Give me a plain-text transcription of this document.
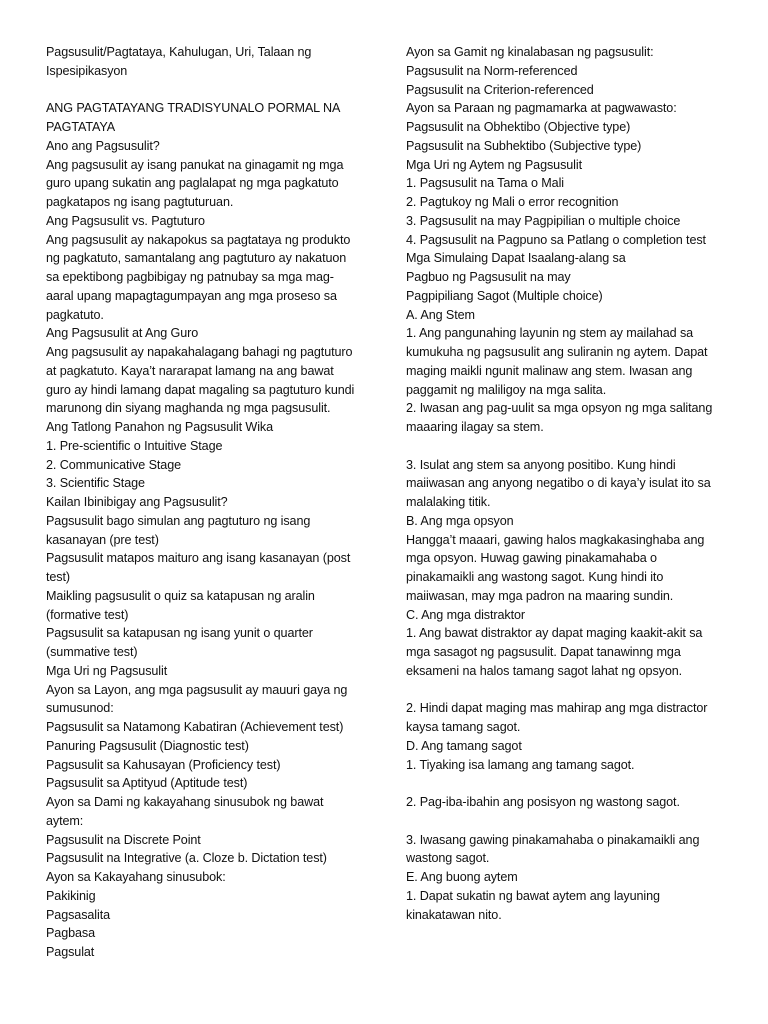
Pagsusulit/Pagtataya, Kahulugan, Uri, Talaan ng
Ispesipikasyon
ANG PAGTATAYANG TRADISYUNALO PORMAL NA
PAGTATAYA
Ano ang Pagsusulit?
Ang pagsusulit ay isang panukat na ginagamit ng mga
guro upang sukatin ang paglalapat ng mga pagkatuto
pagkatapos ng isang pagtuturuan.
Ang Pagsusulit vs. Pagtuturo
Ang pagsusulit ay nakapokus sa pagtataya ng produkto
ng pagkatuto, samantalang ang pagtuturo ay nakatuon
sa epektibong pagbibigay ng patnubay sa mga mag-
aaral upang mapagtagumpayan ang mga proseso sa
pagkatuto.
Ang Pagsusulit at Ang Guro
Ang pagsusulit ay napakahalagang bahagi ng pagtuturo
at pagkatuto. Kaya’t nararapat lamang na ang bawat
guro ay hindi lamang dapat magaling sa pagtuturo kundi
marunong din siyang maghanda ng mga pagsusulit.
Ang Tatlong Panahon ng Pagsusulit Wika
1. Pre-scientific o Intuitive Stage
2. Communicative Stage
3. Scientific Stage
Kailan Ibinibigay ang Pagsusulit?
Pagsusulit bago simulan ang pagtuturo ng isang
kasanayan (pre test)
Pagsusulit matapos maituro ang isang kasanayan (post
test)
Maikling pagsusulit o quiz sa katapusan ng aralin
(formative test)
Pagsusulit sa katapusan ng isang yunit o quarter
(summative test)
Mga Uri ng Pagsusulit
Ayon sa Layon, ang mga pagsusulit ay mauuri gaya ng
sumusunod:
Pagsusulit sa Natamong Kabatiran (Achievement test)
Panuring Pagsusulit (Diagnostic test)
Pagsusulit sa Kahusayan (Proficiency test)
Pagsusulit sa Aptityud (Aptitude test)
Ayon sa Dami ng kakayahang sinusubok ng bawat
aytem:
Pagsusulit na Discrete Point
Pagsusulit na Integrative (a. Cloze b. Dictation test)
Ayon sa Kakayahang sinusubok:
Pakikinig
Pagsasalita
Pagbasa
Pagsulat
Ayon sa Gamit ng kinalabasan ng pagsusulit:
Pagsusulit na Norm-referenced
Pagsusulit na Criterion-referenced
Ayon sa Paraan ng pagmamarka at pagwawasto:
Pagsusulit na Obhektibo (Objective type)
Pagsusulit na Subhektibo (Subjective type)
Mga Uri ng Aytem ng Pagsusulit
1. Pagsusulit na Tama o Mali
2. Pagtukoy ng Mali o error recognition
3. Pagsusulit na may Pagpipilian o multiple choice
4. Pagsusulit na Pagpuno sa Patlang o completion test
Mga Simulaing Dapat Isaalang-alang sa
Pagbuo ng Pagsusulit na may
Pagpipiliang Sagot (Multiple choice)
A. Ang Stem
1. Ang pangunahing layunin ng stem ay mailahad sa
kumukuha ng pagsusulit ang suliranin ng aytem. Dapat
maging maikli ngunit malinaw ang stem. Iwasan ang
paggamit ng maliligoy na mga salita.
2. Iwasan ang pag-uulit sa mga opsyon ng mga salitang
maaaring ilagay sa stem.
3. Isulat ang stem sa anyong positibo. Kung hindi
maiiwasan ang anyong negatibo o di kaya’y isulat ito sa
malalaking titik.
B. Ang mga opsyon
Hangga’t maaari, gawing halos magkakasinghaba ang
mga opsyon. Huwag gawing pinakamahaba o
pinakamaikli ang wastong sagot. Kung hindi ito
maiiwasan, may mga padron na maaring sundin.
C. Ang mga distraktor
1. Ang bawat distraktor ay dapat maging kaakit-akit sa
mga sasagot ng pagsusulit. Dapat tanawinng mga
eksameni na halos tamang sagot lahat ng opsyon.
2. Hindi dapat maging mas mahirap ang mga distractor
kaysa tamang sagot.
D. Ang tamang sagot
1. Tiyaking isa lamang ang tamang sagot.
2. Pag-iba-ibahin ang posisyon ng wastong sagot.
3. Iwasang gawing pinakamahaba o pinakamaikli ang
wastong sagot.
E. Ang buong aytem
1. Dapat sukatin ng bawat aytem ang layuning
kinakatawan nito.
